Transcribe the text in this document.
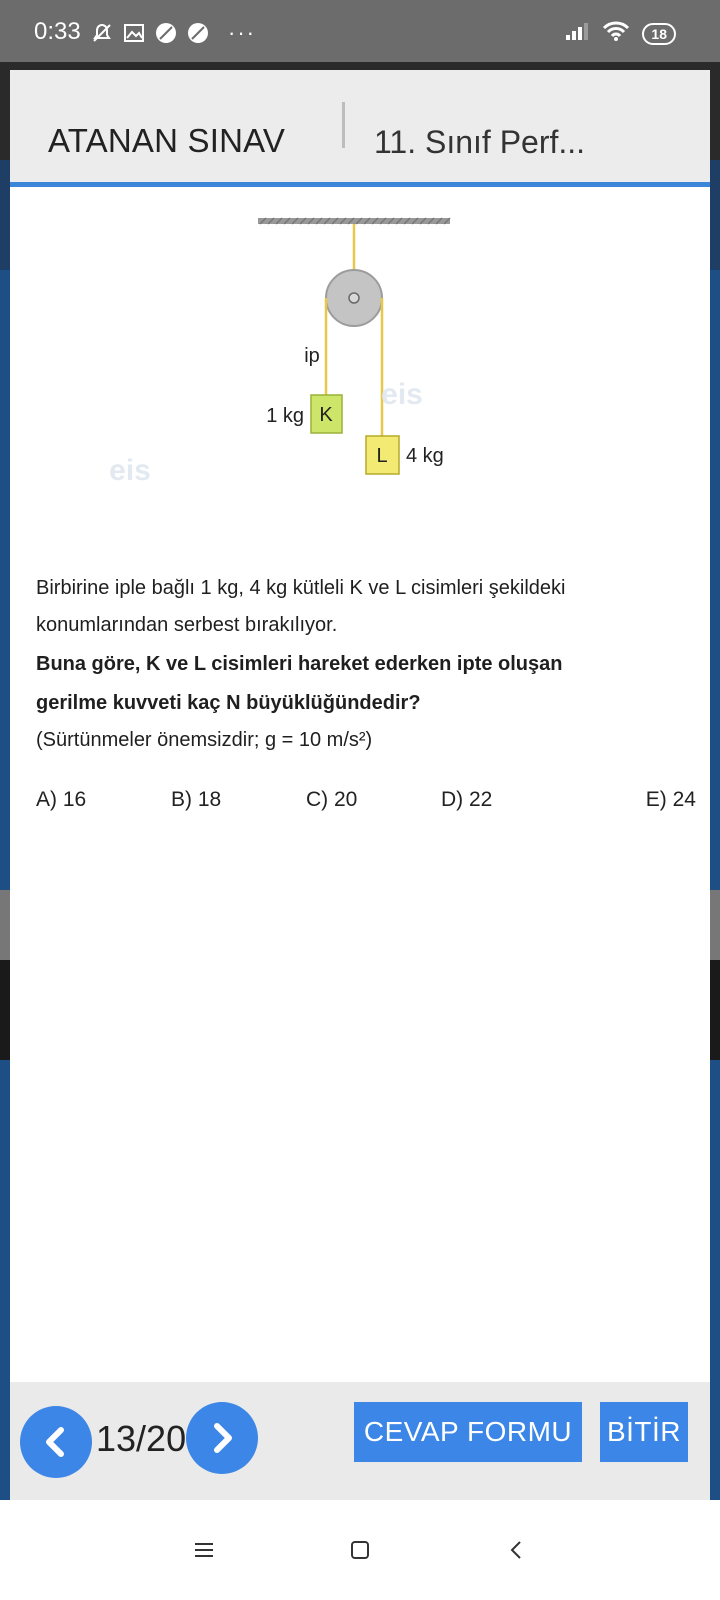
0:33	···	18
ATANAN SINAV	11. Sınıf Perf...
ip
K
1 kg
L 4 kg
eis
eis

Birbirine iple bağlı 1 kg, 4 kg kütleli K ve L cisimleri şekildeki

konumlarından serbest bırakılıyor.

Buna göre, K ve L cisimleri hareket ederken ipte oluşan

gerilme kuvveti kaç N büyüklüğündedir?

(Sürtünmeler önemsizdir; g = 10 m/s²)

A) 16	B) 18	C) 20	D) 22	E) 24
13/20	CEVAP FORMU	BİTİR
